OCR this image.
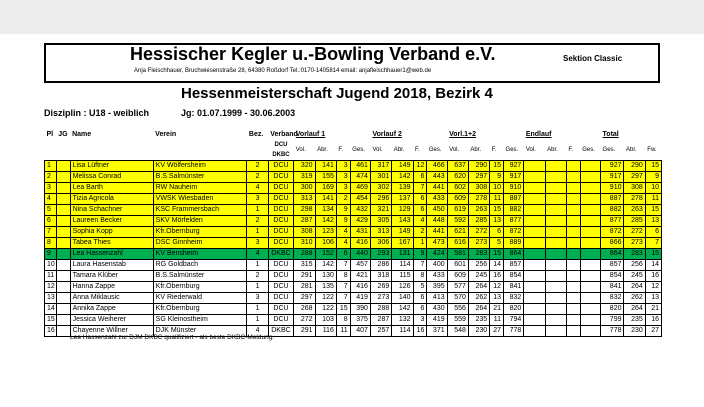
Hessischer Kegler u.-Bowling Verband e.V.	Sektion Classic
Anja Fleischhauer, Bruchwiesenstraße 28, 64380 Roßdorf Tel.:0170-1405814 email: anjafleischhauer1@web.de
Hessenmeisterschaft Jugend 2018, Bezirk 4
Disziplin : U18 - weiblich	Jg: 01.07.1999 - 30.06.2003
Pl	JG	Name	Verein	Bez.	Verband	Vorlauf 1				Vorlauf 2				Vorl.1+2				Endlauf				Total		
					DCU
DKBC	Vol.	Abr.	F.	Ges.	Vol.	Abr.	F.	Ges.	Vol.	Abr.	F.	Ges.	Vol.	Abr.	F.	Ges.	Ges.	Abr.	Fw.
1		Lisa Lüftner	KV Wölfersheim	2	DCU	320	141	3	461	317	149	12	466	637	290	15	927					927	290	15
2		Melissa Conrad	B.S.Salmünster	2	DCU	319	155	3	474	301	142	6	443	620	297	9	917					917	297	9
3		Lea Barth	RW Nauheim	4	DCU	300	169	3	469	302	139	7	441	602	308	10	910					910	308	10
4		Tizia Agricola	VWSK Wiesbaden	3	DCU	313	141	2	454	296	137	6	433	609	278	11	887					887	278	11
5		Nina Schachner	KSC Frammersbach	1	DCU	298	134	9	432	321	129	6	450	619	263	15	882					882	263	15
6		Laureen Becker	SKV Mörfelden	2	DCU	287	142	9	429	305	143	4	448	592	285	13	877					877	285	13
7		Sophia Kopp	Kfr.Obernburg	1	DCU	308	123	4	431	313	149	2	441	621	272	6	872					872	272	6
8		Tabea Thies	DSC Ginnheim	3	DCU	310	106	4	416	306	167	1	473	616	273	5	889					866	273	7
9		Lea Hassenzahl	KV Bensheim	4	DKBC	288	152	6	440	293	131	9	424	581	283	15	864					864	283	15
10		Laura Hasenstab	RG Goldbach	1	DCU	315	142	7	457	286	114	7	400	601	256	14	857					857	256	14
11		Tamara Klüber	B.S.Salmünster	2	DCU	291	130	8	421	318	115	8	433	609	245	16	854					854	245	16
12		Hanna Zappe	Kfr.Obernburg	1	DCU	281	135	7	416	269	126	5	395	577	264	12	841					841	264	12
13		Anna Miklausic	KV Riederwald	3	DCU	297	122	7	419	273	140	6	413	570	262	13	832					832	262	13
14		Annika Zappe	Kfr.Obernburg	1	DCU	268	122	15	390	288	142	6	430	556	264	21	820					820	264	21
15		Jessica Weiherer	SG Kleinostheim	1	DCU	272	103	8	375	287	132	3	419	559	235	11	794					799	235	16
16		Chayenne Willner	DJK Münster	4	DKBC	291	116	11	407	257	114	16	371	548	230	27	778					778	230	27
Lea Hassenzahl zur DJM DKBC qualifiziert - als beste DKBC-Meldung.
